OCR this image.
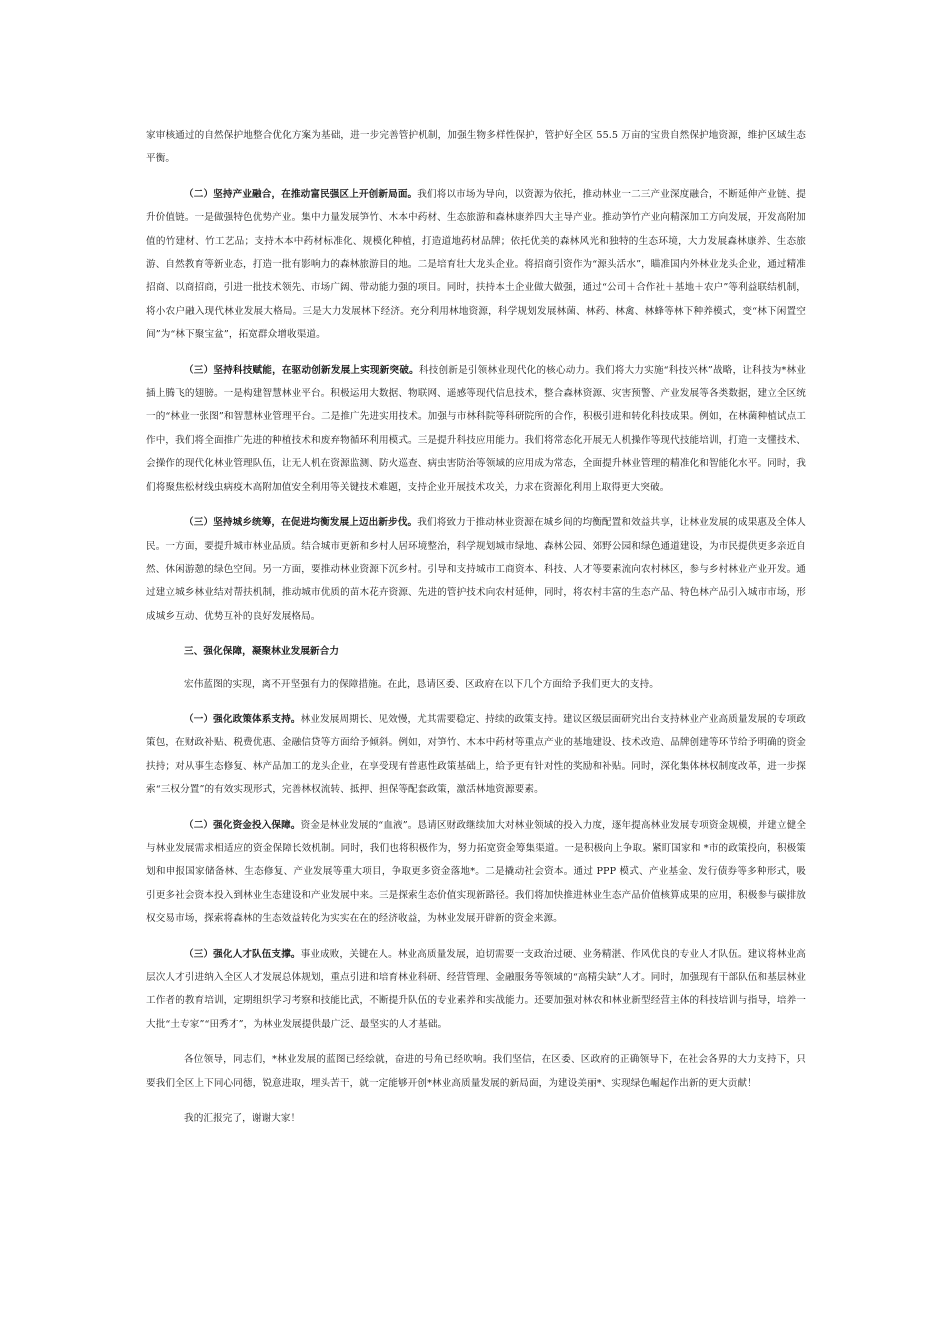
家审核通过的自然保护地整合优化方案为基础，进一步完善管护机制，加强生物多样性保护，管护好全区 55.5 万亩的宝贵自然保护地资源，维护区域生态平衡。

（二）坚持产业融合，在推动富民强区上开创新局面。我们将以市场为导向，以资源为依托，推动林业一二三产业深度融合，不断延伸产业链、提升价值链。一是做强特色优势产业。集中力量发展笋竹、木本中药材、生态旅游和森林康养四大主导产业。推动笋竹产业向精深加工方向发展，开发高附加值的竹建材、竹工艺品；支持木本中药材标准化、规模化种植，打造道地药材品牌；依托优美的森林风光和独特的生态环境，大力发展森林康养、生态旅游、自然教育等新业态，打造一批有影响力的森林旅游目的地。二是培育壮大龙头企业。将招商引资作为“源头活水”，瞄准国内外林业龙头企业，通过精准招商、以商招商，引进一批技术领先、市场广阔、带动能力强的项目。同时，扶持本土企业做大做强，通过“公司＋合作社＋基地＋农户”等利益联结机制，将小农户融入现代林业发展大格局。三是大力发展林下经济。充分利用林地资源，科学规划发展林菌、林药、林禽、林蜂等林下种养模式，变“林下闲置空间”为“林下聚宝盆”，拓宽群众增收渠道。

（三）坚持科技赋能，在驱动创新发展上实现新突破。科技创新是引领林业现代化的核心动力。我们将大力实施“科技兴林”战略，让科技为*林业插上腾飞的翅膀。一是构建智慧林业平台。积极运用大数据、物联网、遥感等现代信息技术，整合森林资源、灾害预警、产业发展等各类数据，建立全区统一的“林业一张图”和智慧林业管理平台。二是推广先进实用技术。加强与市林科院等科研院所的合作，积极引进和转化科技成果。例如，在林菌种植试点工作中，我们将全面推广先进的种植技术和废弃物循环利用模式。三是提升科技应用能力。我们将常态化开展无人机操作等现代技能培训，打造一支懂技术、会操作的现代化林业管理队伍，让无人机在资源监测、防火巡查、病虫害防治等领域的应用成为常态，全面提升林业管理的精准化和智能化水平。同时，我们将聚焦松材线虫病疫木高附加值安全利用等关键技术难题，支持企业开展技术攻关，力求在资源化利用上取得更大突破。

（三）坚持城乡统筹，在促进均衡发展上迈出新步伐。我们将致力于推动林业资源在城乡间的均衡配置和效益共享，让林业发展的成果惠及全体人民。一方面，要提升城市林业品质。结合城市更新和乡村人居环境整治，科学规划城市绿地、森林公园、郊野公园和绿色通道建设，为市民提供更多亲近自然、休闲游憩的绿色空间。另一方面，要推动林业资源下沉乡村。引导和支持城市工商资本、科技、人才等要素流向农村林区，参与乡村林业产业开发。通过建立城乡林业结对帮扶机制，推动城市优质的苗木花卉资源、先进的管护技术向农村延伸，同时，将农村丰富的生态产品、特色林产品引入城市市场，形成城乡互动、优势互补的良好发展格局。

三、强化保障，凝聚林业发展新合力

宏伟蓝图的实现，离不开坚强有力的保障措施。在此，恳请区委、区政府在以下几个方面给予我们更大的支持。

（一）强化政策体系支持。林业发展周期长、见效慢，尤其需要稳定、持续的政策支持。建议区级层面研究出台支持林业产业高质量发展的专项政策包，在财政补贴、税费优惠、金融信贷等方面给予倾斜。例如，对笋竹、木本中药材等重点产业的基地建设、技术改造、品牌创建等环节给予明确的资金扶持；对从事生态修复、林产品加工的龙头企业，在享受现有普惠性政策基础上，给予更有针对性的奖励和补贴。同时，深化集体林权制度改革，进一步探索“三权分置”的有效实现形式，完善林权流转、抵押、担保等配套政策，激活林地资源要素。

（二）强化资金投入保障。资金是林业发展的“血液”。恳请区财政继续加大对林业领域的投入力度，逐年提高林业发展专项资金规模，并建立健全与林业发展需求相适应的资金保障长效机制。同时，我们也将积极作为，努力拓宽资金筹集渠道。一是积极向上争取。紧盯国家和 *市的政策投向，积极策划和申报国家储备林、生态修复、产业发展等重大项目，争取更多资金落地*。二是撬动社会资本。通过 PPP 模式、产业基金、发行债券等多种形式，吸引更多社会资本投入到林业生态建设和产业发展中来。三是探索生态价值实现新路径。我们将加快推进林业生态产品价值核算成果的应用，积极参与碳排放权交易市场，探索将森林的生态效益转化为实实在在的经济收益，为林业发展开辟新的资金来源。

（三）强化人才队伍支撑。事业成败，关键在人。林业高质量发展，迫切需要一支政治过硬、业务精湛、作风优良的专业人才队伍。建议将林业高层次人才引进纳入全区人才发展总体规划，重点引进和培育林业科研、经营管理、金融服务等领域的“高精尖缺”人才。同时，加强现有干部队伍和基层林业工作者的教育培训，定期组织学习考察和技能比武，不断提升队伍的专业素养和实战能力。还要加强对林农和林业新型经营主体的科技培训与指导，培养一大批“土专家”“田秀才”，为林业发展提供最广泛、最坚实的人才基础。

各位领导，同志们，*林业发展的蓝图已经绘就，奋进的号角已经吹响。我们坚信，在区委、区政府的正确领导下，在社会各界的大力支持下，只要我们全区上下同心同德，锐意进取，埋头苦干，就一定能够开创*林业高质量发展的新局面，为建设美丽*、实现绿色崛起作出新的更大贡献！

我的汇报完了，谢谢大家！
